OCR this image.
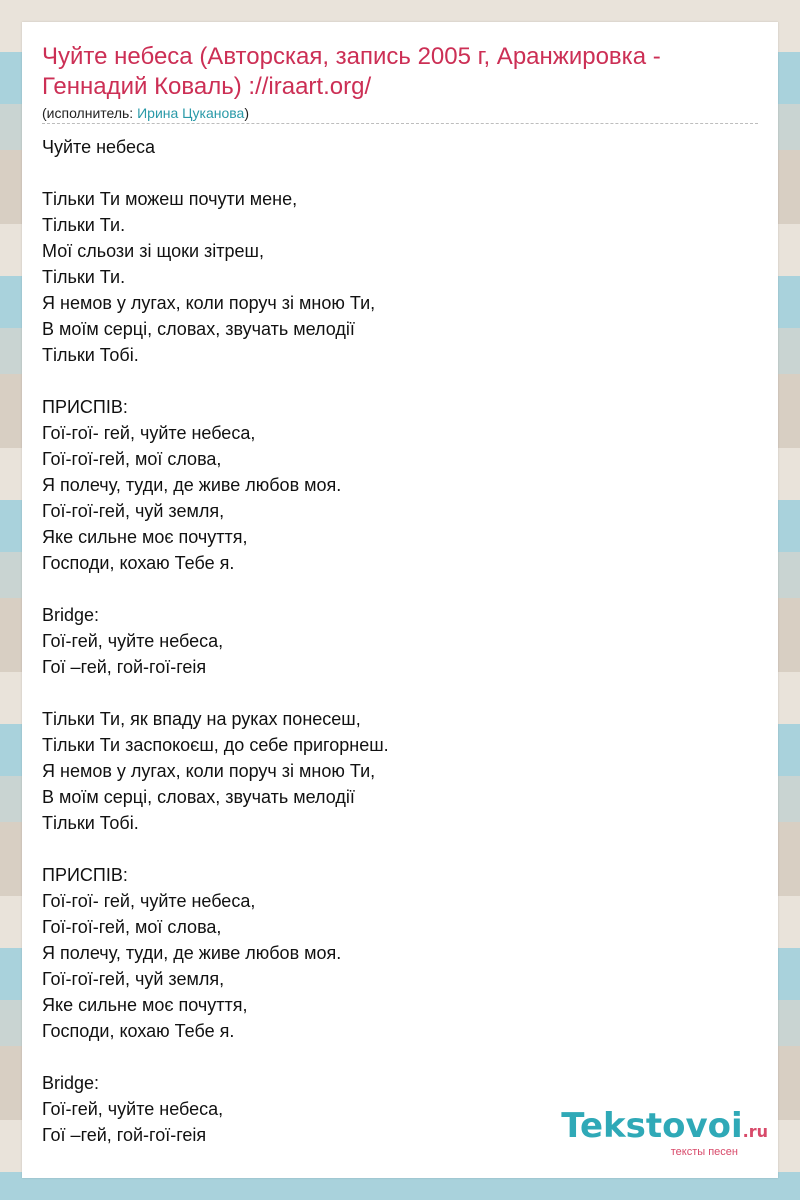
Чуйте небеса (Авторская, запись 2005 г, Аранжировка - Геннадий Коваль) ://iraart.org/
(исполнитель: Ирина Цуканова)
Чуйте небеса
Тільки Ти можеш почути мене,
Тільки Ти.
Мої сльози зі щоки зітреш,
Тільки Ти.
Я немов у лугах, коли поруч зі мною Ти,
В моїм серці, словах, звучать мелодії
Тільки Тобі.
ПРИСПІВ:
Гої-гої- гей, чуйте небеса,
Гої-гої-гей, мої слова,
Я полечу, туди, де живе любов моя.
Гої-гої-гей, чуй земля,
Яке сильне моє почуття,
Господи, кохаю Тебе я.
Bridge:
Гої-гей, чуйте небеса,
Гої –гей, гой-гої-геія
Тільки Ти, як впаду на руках понесеш,
Тільки Ти заспокоєш, до себе пригорнеш.
Я немов у лугах, коли поруч зі мною Ти,
В моїм серці, словах, звучать мелодії
Тільки Тобі.
ПРИСПІВ:
Гої-гої- гей, чуйте небеса,
Гої-гої-гей, мої слова,
Я полечу, туди, де живе любов моя.
Гої-гої-гей, чуй земля,
Яке сильне моє почуття,
Господи, кохаю Тебе я.
Bridge:
Гої-гей, чуйте небеса,
Гої –гей, гой-гої-геія	Tekstovoi.ru
тексты песен
